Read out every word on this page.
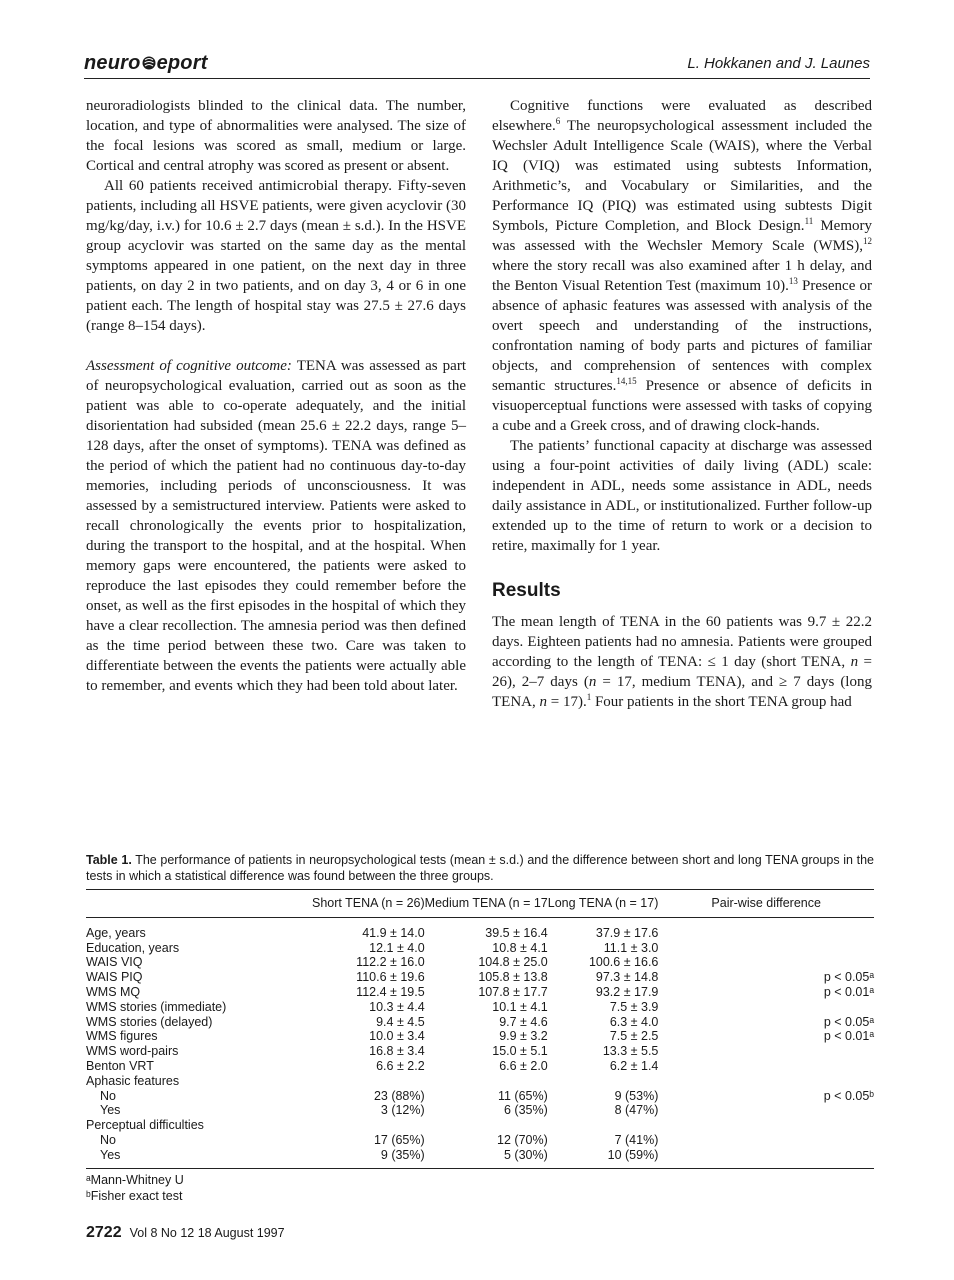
neuro eport	L. Hokkanen and J. Launes

neuroradiologists blinded to the clinical data. The number, location, and type of abnormalities were analysed. The size of the focal lesions was scored as small, medium or large. Cortical and central atrophy was scored as present or absent.

All 60 patients received antimicrobial therapy. Fifty-seven patients, including all HSVE patients, were given acyclovir (30 mg/kg/day, i.v.) for 10.6 ± 2.7 days (mean ± s.d.). In the HSVE group acyclovir was started on the same day as the mental symptoms appeared in one patient, on the next day in three patients, on day 2 in two patients, and on day 3, 4 or 6 in one patient each. The length of hospital stay was 27.5 ± 27.6 days (range 8–154 days).

Assessment of cognitive outcome: TENA was assessed as part of neuropsychological evaluation, carried out as soon as the patient was able to co-operate adequately, and the initial disorientation had subsided (mean 25.6 ± 22.2 days, range 5–128 days, after the onset of symptoms). TENA was defined as the period of which the patient had no continuous day-to-day memories, including periods of unconsciousness. It was assessed by a semistructured interview. Patients were asked to recall chronologically the events prior to hospitalization, during the transport to the hospital, and at the hospital. When memory gaps were encountered, the patients were asked to reproduce the last episodes they could remember before the onset, as well as the first episodes in the hospital of which they have a clear recollection. The amnesia period was then defined as the time period between these two. Care was taken to differentiate between the events the patients were actually able to remember, and events which they had been told about later.

Cognitive functions were evaluated as described elsewhere.$^6$ The neuropsychological assessment included the Wechsler Adult Intelligence Scale (WAIS), where the Verbal IQ (VIQ) was estimated using subtests Information, Arithmetic’s, and Vocabulary or Similarities, and the Performance IQ (PIQ) was estimated using subtests Digit Symbols, Picture Completion, and Block Design.$^{11}$ Memory was assessed with the Wechsler Memory Scale (WMS),$^{12}$ where the story recall was also examined after 1 h delay, and the Benton Visual Retention Test (maximum 10).$^{13}$ Presence or absence of aphasic features was assessed with analysis of the overt speech and understanding of the instructions, confrontation naming of body parts and pictures of familiar objects, and comprehension of sentences with complex semantic structures.$^{14,15}$ Presence or absence of deficits in visuoperceptual functions were assessed with tasks of copying a cube and a Greek cross, and of drawing clock-hands.

The patients’ functional capacity at discharge was assessed using a four-point activities of daily living (ADL) scale: independent in ADL, needs some assistance in ADL, needs daily assistance in ADL, or institutionalized. Further follow-up extended up to the time of return to work or a decision to retire, maximally for 1 year.

Results

The mean length of TENA in the 60 patients was 9.7 ± 22.2 days. Eighteen patients had no amnesia. Patients were grouped according to the length of TENA: ≤ 1 day (short TENA, n = 26), 2–7 days (n = 17, medium TENA), and ≥ 7 days (long TENA, n = 17).$^1$ Four patients in the short TENA group had

Table 1. The performance of patients in neuropsychological tests (mean ± s.d.) and the difference between short and long TENA groups in the tests in which a statistical difference was found between the three groups.
	Short TENA (n = 26)	Medium TENA (n = 17	Long TENA (n = 17)	Pair-wise difference
Age, years	41.9 ± 14.0	39.5 ± 16.4	37.9 ± 17.6	
Education, years	12.1 ± 4.0	10.8 ± 4.1	11.1 ± 3.0	
WAIS VIQ	112.2 ± 16.0	104.8 ± 25.0	100.6 ± 16.6	
WAIS PIQ	110.6 ± 19.6	105.8 ± 13.8	97.3 ± 14.8	p < 0.05ᵃ
WMS MQ	112.4 ± 19.5	107.8 ± 17.7	93.2 ± 17.9	p < 0.01ᵃ
WMS stories (immediate)	10.3 ± 4.4	10.1 ± 4.1	7.5 ± 3.9	
WMS stories (delayed)	9.4 ± 4.5	9.7 ± 4.6	6.3 ± 4.0	p < 0.05ᵃ
WMS figures	10.0 ± 3.4	9.9 ± 3.2	7.5 ± 2.5	p < 0.01ᵃ
WMS word-pairs	16.8 ± 3.4	15.0 ± 5.1	13.3 ± 5.5	
Benton VRT	6.6 ± 2.2	6.6 ± 2.0	6.2 ± 1.4	
Aphasic features				
No	23 (88%)	11 (65%)	9 (53%)	p < 0.05ᵇ
Yes	3 (12%)	6 (35%)	8 (47%)	
Perceptual difficulties				
No	17 (65%)	12 (70%)	7 (41%)	
Yes	9 (35%)	5 (30%)	10 (59%)	
ᵃMann-Whitney U
ᵇFisher exact test
2722 Vol 8 No 12 18 August 1997
